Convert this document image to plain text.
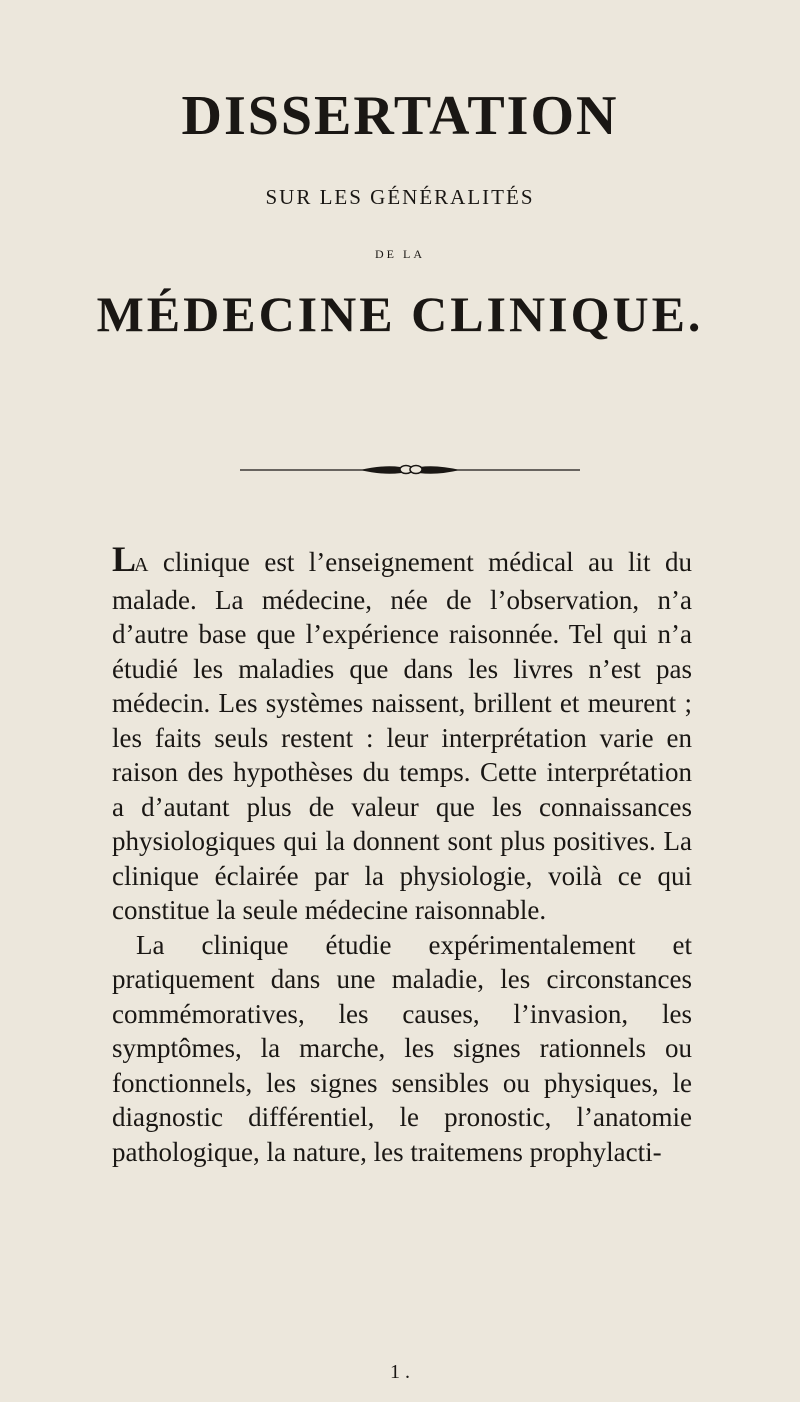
DISSERTATION
SUR LES GÉNÉRALITÉS
DE LA
MÉDECINE CLINIQUE.

LA clinique est l’enseignement médical au lit du malade. La médecine, née de l’observation, n’a d’autre base que l’expérience raisonnée. Tel qui n’a étudié les maladies que dans les livres n’est pas médecin. Les systèmes naissent, brillent et meurent ; les faits seuls restent : leur interprétation varie en raison des hypothèses du temps. Cette interprétation a d’autant plus de valeur que les connaissances physiologiques qui la donnent sont plus positives. La clinique éclairée par la physiologie, voilà ce qui constitue la seule médecine raisonnable.

La clinique étudie expérimentalement et pratiquement dans une maladie, les circonstances commémoratives, les causes, l’invasion, les symptômes, la marche, les signes rationnels ou fonctionnels, les signes sensibles ou physiques, le diagnostic différentiel, le pronostic, l’anatomie pathologique, la nature, les traitemens prophylacti-

1 .
